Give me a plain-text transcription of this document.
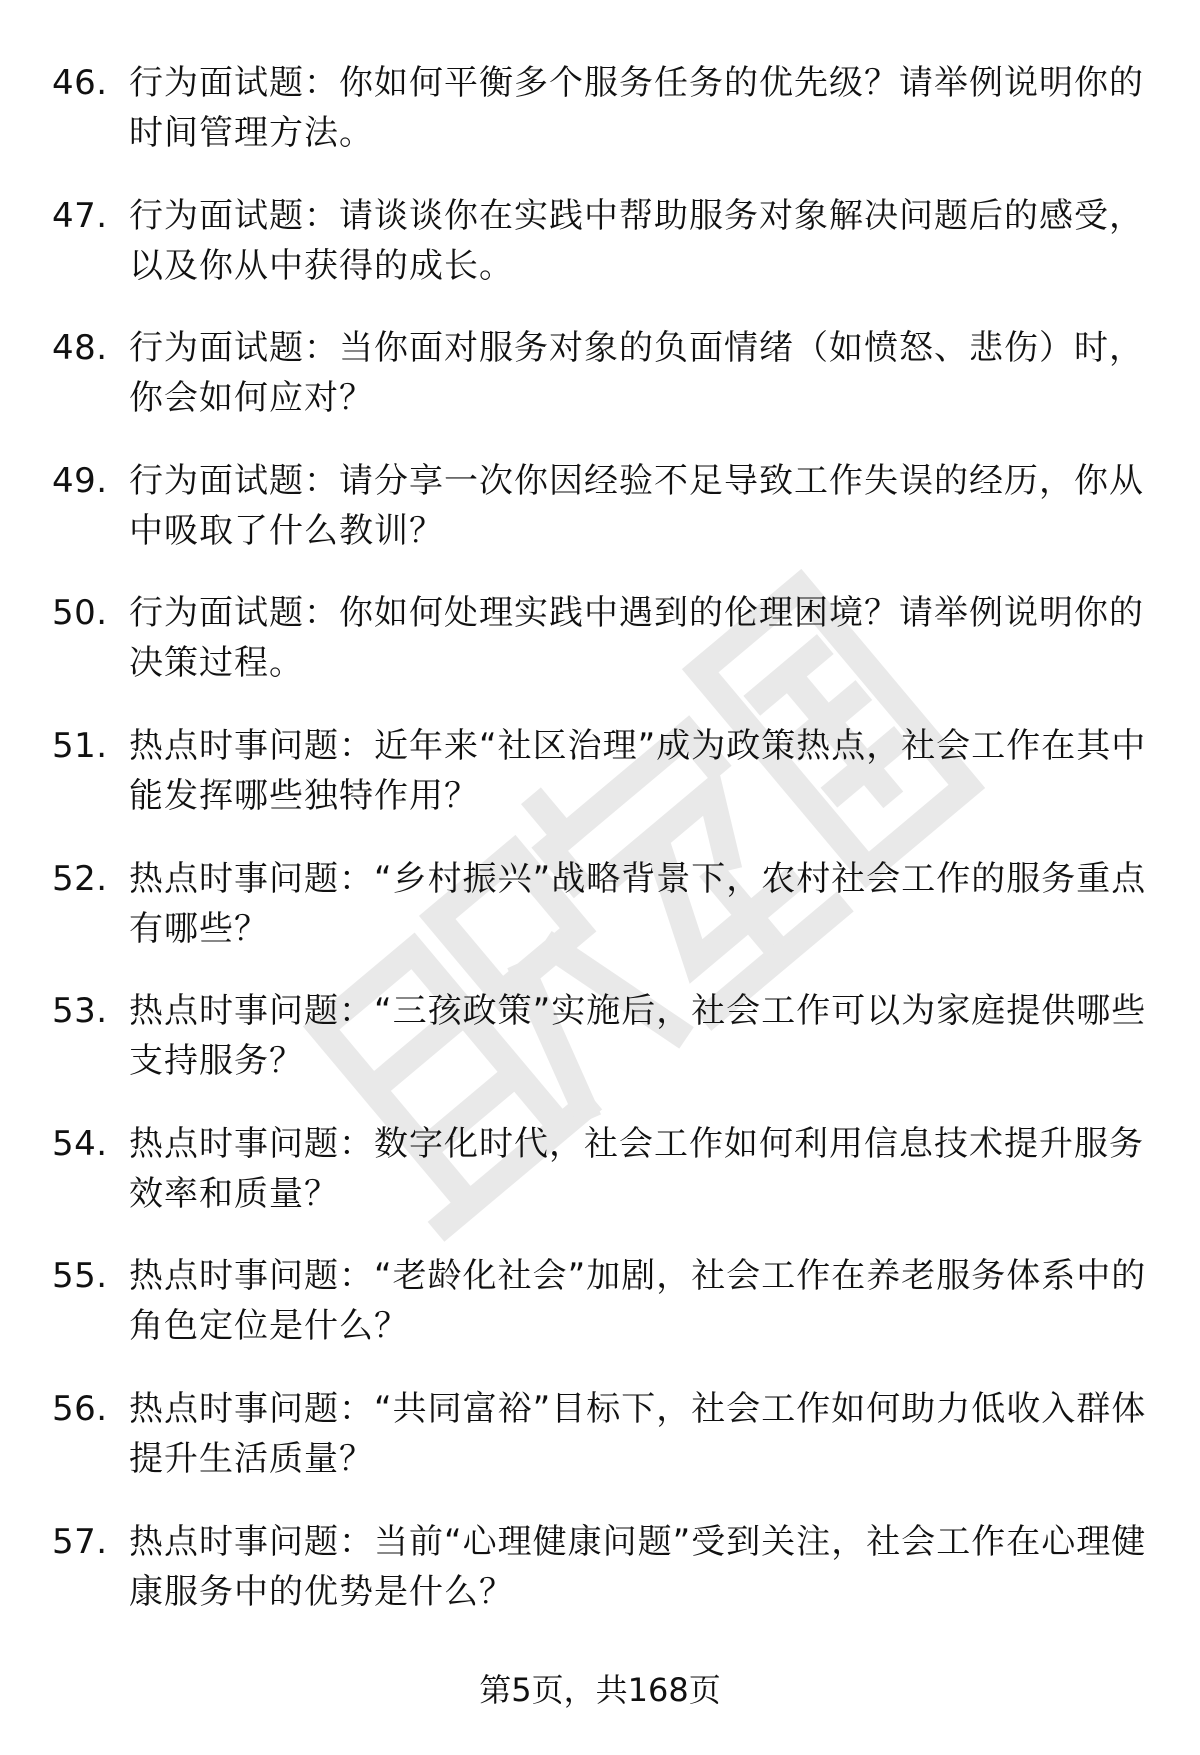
46. 行为面试题：你如何平衡多个服务任务的优先级？请举例说明你的时间管理方法。
47. 行为面试题：请谈谈你在实践中帮助服务对象解决问题后的感受，以及你从中获得的成长。
48. 行为面试题：当你面对服务对象的负面情绪（如愤怒、悲伤）时，你会如何应对？
49. 行为面试题：请分享一次你因经验不足导致工作失误的经历，你从中吸取了什么教训？
50. 行为面试题：你如何处理实践中遇到的伦理困境？请举例说明你的决策过程。
51. 热点时事问题：近年来“社区治理”成为政策热点，社会工作在其中能发挥哪些独特作用？
52. 热点时事问题：“乡村振兴”战略背景下，农村社会工作的服务重点有哪些？
53. 热点时事问题：“三孩政策”实施后，社会工作可以为家庭提供哪些支持服务？
54. 热点时事问题：数字化时代，社会工作如何利用信息技术提升服务效率和质量？
55. 热点时事问题：“老龄化社会”加剧，社会工作在养老服务体系中的角色定位是什么？
56. 热点时事问题：“共同富裕”目标下，社会工作如何助力低收入群体提升生活质量？
57. 热点时事问题：当前“心理健康问题”受到关注，社会工作在心理健康服务中的优势是什么？
第5页，共168页
